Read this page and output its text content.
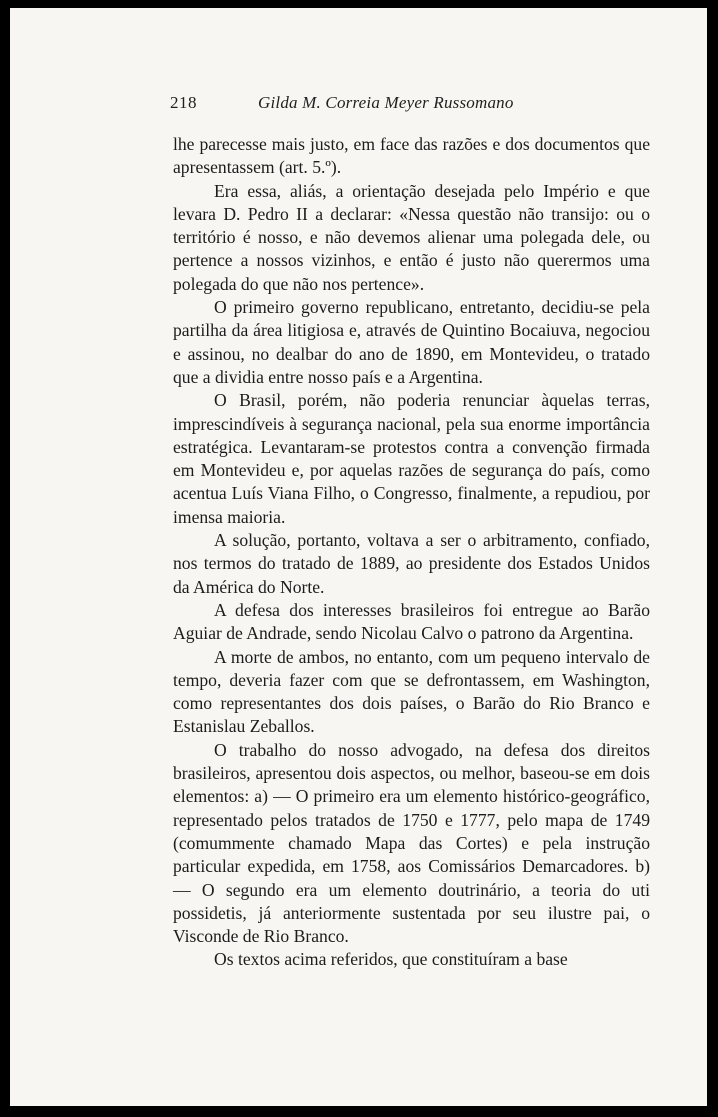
218	Gilda M. Correia Meyer Russomano

lhe parecesse mais justo, em face das razões e dos documentos que apresentassem (art. 5.º).

Era essa, aliás, a orientação desejada pelo Império e que levara D. Pedro II a declarar: «Nessa questão não transijo: ou o território é nosso, e não devemos alienar uma polegada dele, ou pertence a nossos vizinhos, e então é justo não querermos uma polegada do que não nos pertence».

O primeiro governo republicano, entretanto, decidiu-se pela partilha da área litigiosa e, através de Quintino Bocaiuva, negociou e assinou, no dealbar do ano de 1890, em Montevideu, o tratado que a dividia entre nosso país e a Argentina.

O Brasil, porém, não poderia renunciar àquelas terras, imprescindíveis à segurança nacional, pela sua enorme importância estratégica. Levantaram-se protestos contra a convenção firmada em Montevideu e, por aquelas razões de segurança do país, como acentua Luís Viana Filho, o Congresso, finalmente, a repudiou, por imensa maioria.

A solução, portanto, voltava a ser o arbitramento, confiado, nos termos do tratado de 1889, ao presidente dos Estados Unidos da América do Norte.

A defesa dos interesses brasileiros foi entregue ao Barão Aguiar de Andrade, sendo Nicolau Calvo o patrono da Argentina.

A morte de ambos, no entanto, com um pequeno intervalo de tempo, deveria fazer com que se defrontassem, em Washington, como representantes dos dois países, o Barão do Rio Branco e Estanislau Zeballos.

O trabalho do nosso advogado, na defesa dos direitos brasileiros, apresentou dois aspectos, ou melhor, baseou-se em dois elementos: a) — O primeiro era um elemento histórico-geográfico, representado pelos tratados de 1750 e 1777, pelo mapa de 1749 (comummente chamado Mapa das Cortes) e pela instrução particular expedida, em 1758, aos Comissários Demarcadores. b) — O segundo era um elemento doutrinário, a teoria do uti possidetis, já anteriormente sustentada por seu ilustre pai, o Visconde de Rio Branco.

Os textos acima referidos, que constituíram a base
